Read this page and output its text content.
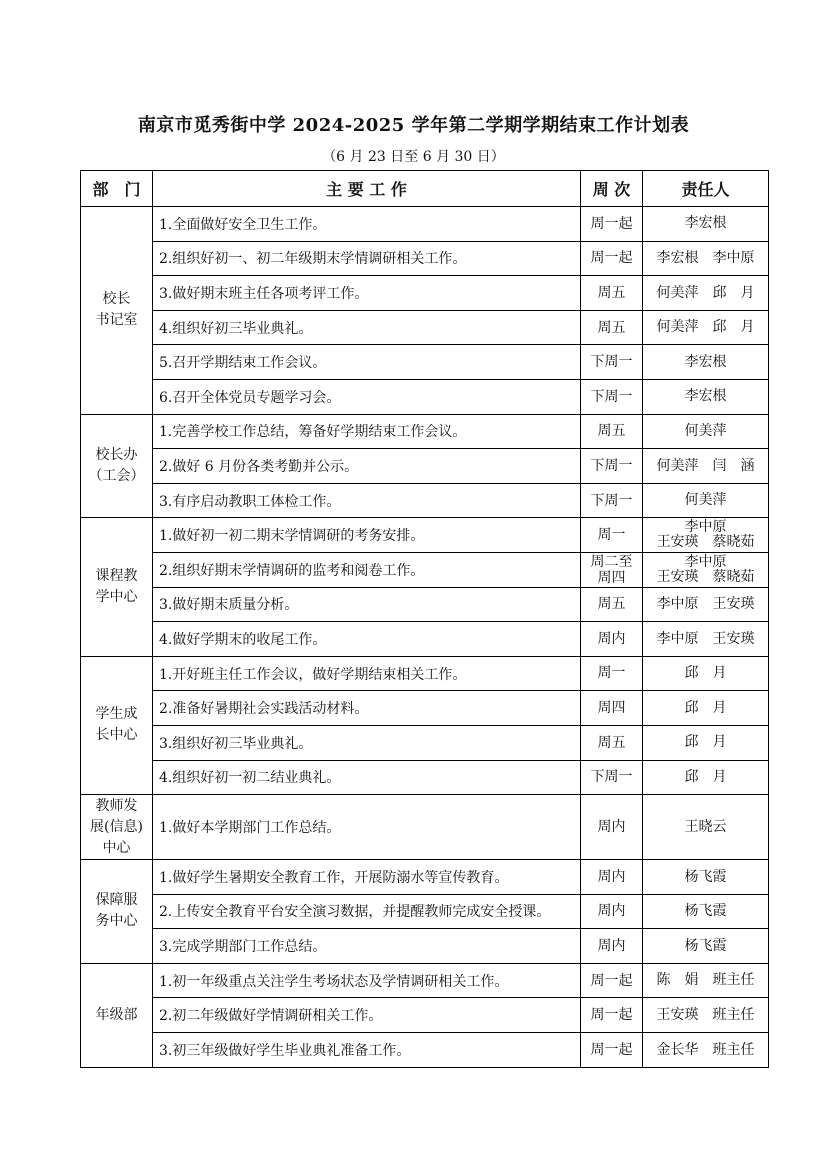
南京市觅秀街中学 2024-2025 学年第二学期学期结束工作计划表
（6 月 23 日至 6 月 30 日）
部　门	主 要 工 作	周 次	责任人
校长
书记室	1.全面做好安全卫生工作。	周一起	李宏根
	2.组织好初一、初二年级期末学情调研相关工作。	周一起	李宏根　李中原
	3.做好期末班主任各项考评工作。	周五	何美萍　邱　月
	4.组织好初三毕业典礼。	周五	何美萍　邱　月
	5.召开学期结束工作会议。	下周一	李宏根
	6.召开全体党员专题学习会。	下周一	李宏根
校长办
（工会）	1.完善学校工作总结，筹备好学期结束工作会议。	周五	何美萍
	2.做好 6 月份各类考勤并公示。	下周一	何美萍　闫　涵
	3.有序启动教职工体检工作。	下周一	何美萍
课程教
学中心	1.做好初一初二期末学情调研的考务安排。	周一	李中原
王安瑛　蔡晓茹
	2.组织好期末学情调研的监考和阅卷工作。	周二至
周四	李中原
王安瑛　蔡晓茹
	3.做好期末质量分析。	周五	李中原　王安瑛
	4.做好学期末的收尾工作。	周内	李中原　王安瑛
学生成
长中心	1.开好班主任工作会议，做好学期结束相关工作。	周一	邱　月
	2.准备好暑期社会实践活动材料。	周四	邱　月
	3.组织好初三毕业典礼。	周五	邱　月
	4.组织好初一初二结业典礼。	下周一	邱　月
教师发
展(信息)
中心	1.做好本学期部门工作总结。	周内	王晓云
保障服
务中心	1.做好学生暑期安全教育工作，开展防溺水等宣传教育。	周内	杨飞霞
	2.上传安全教育平台安全演习数据，并提醒教师完成安全授课。	周内	杨飞霞
	3.完成学期部门工作总结。	周内	杨飞霞
年级部	1.初一年级重点关注学生考场状态及学情调研相关工作。	周一起	陈　娟　班主任
	2.初二年级做好学情调研相关工作。	周一起	王安瑛　班主任
	3.初三年级做好学生毕业典礼准备工作。	周一起	金长华　班主任
